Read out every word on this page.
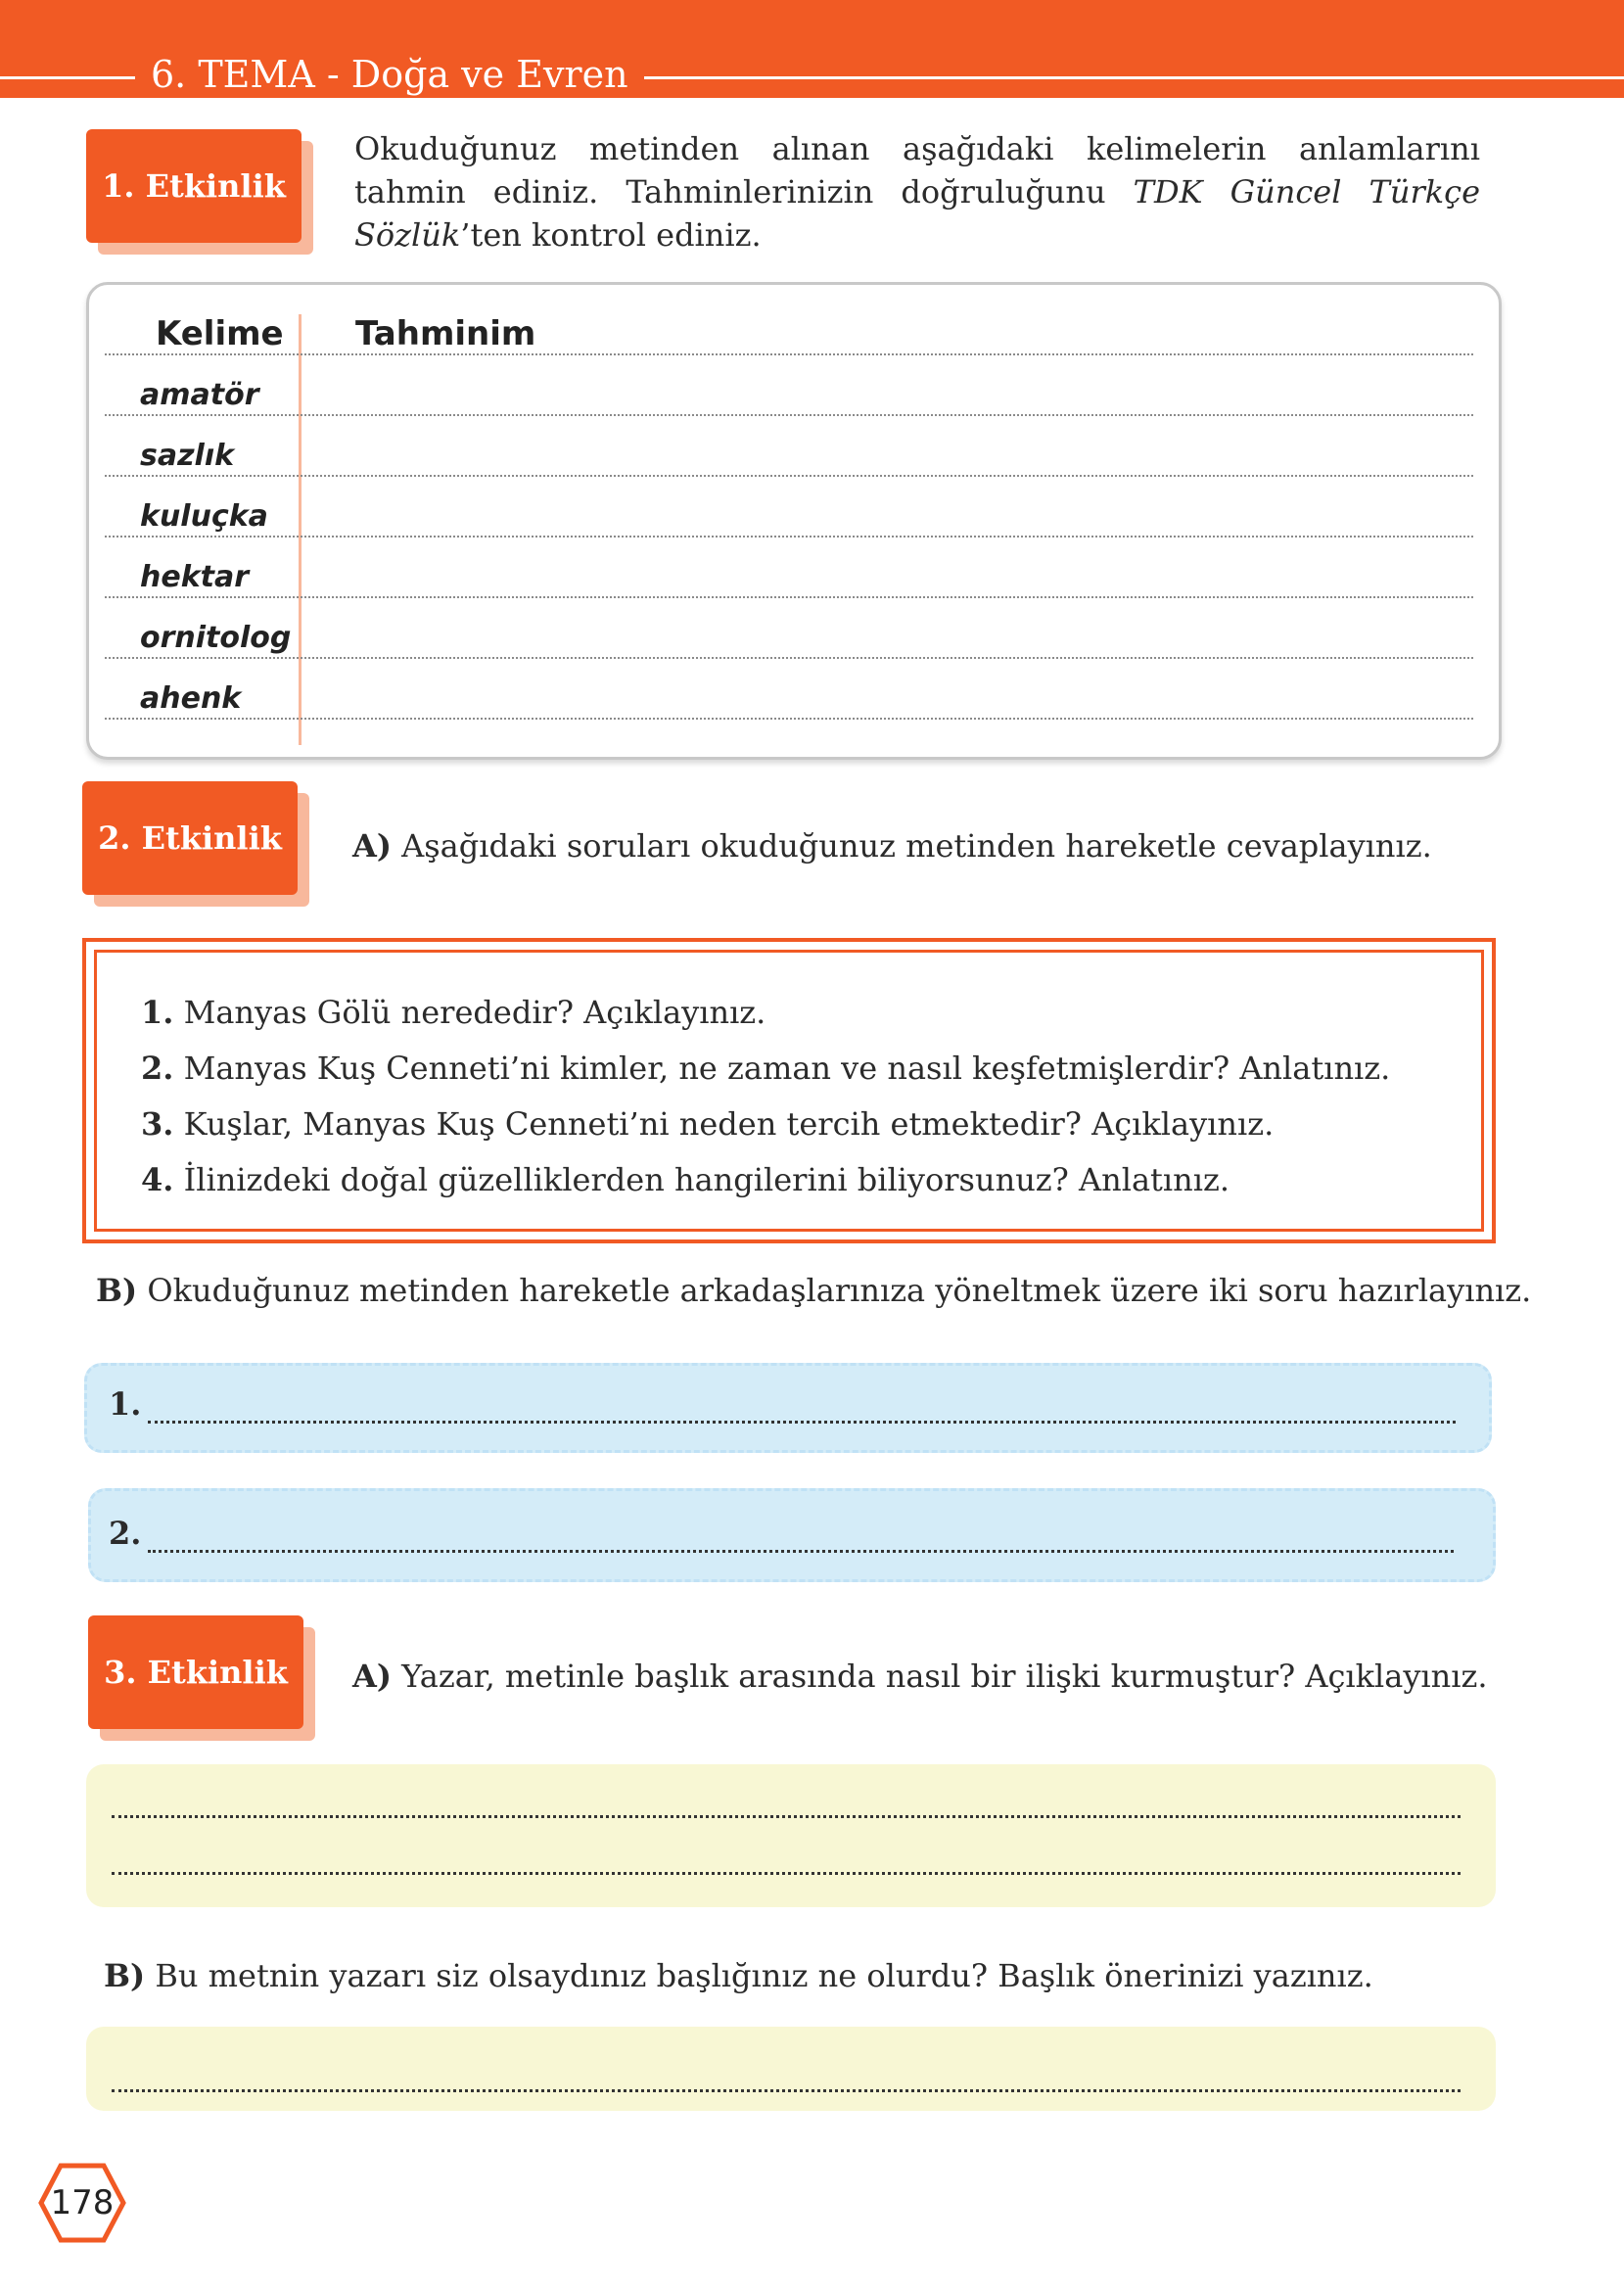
6. TEMA - Doğa ve Evren
1. Etkinlik
Okuduğunuz metinden alınan aşağıdaki kelimelerin anlamlarını tahmin ediniz. Tahminlerinizin doğruluğunu TDK Güncel Türkçe Sözlük’ten kontrol ediniz.
Kelime Tahminim
amatör
sazlık
kuluçka
hektar
ornitolog
ahenk
2. Etkinlik	A) Aşağıdaki soruları okuduğunuz metinden hareketle cevaplayınız.
1. Manyas Gölü nerededir? Açıklayınız.
2. Manyas Kuş Cenneti’ni kimler, ne zaman ve nasıl keşfetmişlerdir? Anlatınız.
3. Kuşlar, Manyas Kuş Cenneti’ni neden tercih etmektedir? Açıklayınız.
4. İlinizdeki doğal güzelliklerden hangilerini biliyorsunuz? Anlatınız.
B) Okuduğunuz metinden hareketle arkadaşlarınıza yöneltmek üzere iki soru hazırlayınız.
1.
2.
3. Etkinlik	A) Yazar, metinle başlık arasında nasıl bir ilişki kurmuştur? Açıklayınız.
B) Bu metnin yazarı siz olsaydınız başlığınız ne olurdu? Başlık önerinizi yazınız.
178
